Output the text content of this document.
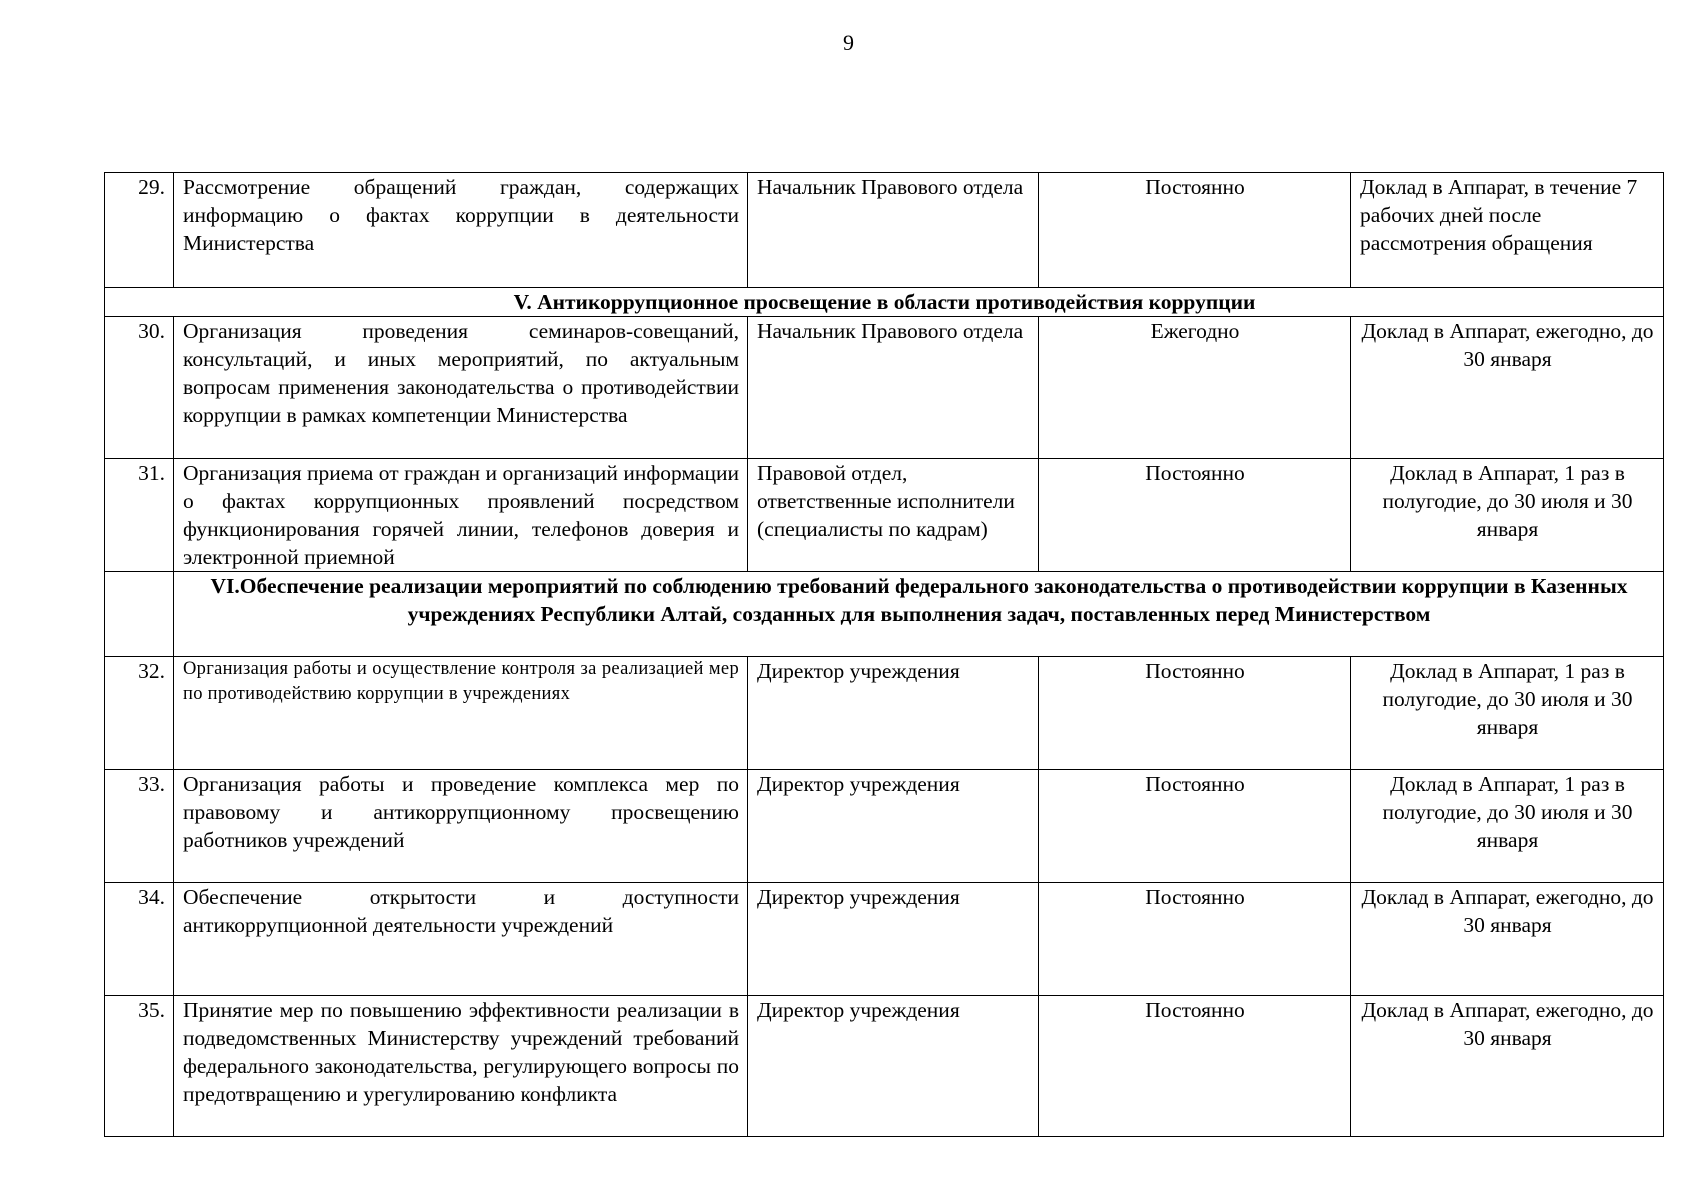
9
29.	Рассмотрение обращений граждан, содержащих информацию о фактах коррупции в деятельности Министерства	Начальник Правового отдела	Постоянно	Доклад в Аппарат, в течение 7 рабочих дней после рассмотрения обращения
V. Антикоррупционное просвещение в области противодействия коррупции				
30.	Организация проведения семинаров-совещаний, консультаций, и иных мероприятий, по актуальным вопросам применения законодательства о противодействии коррупции в рамках компетенции Министерства	Начальник Правового отдела	Ежегодно	Доклад в Аппарат, ежегодно, до 30 января
31.	Организация приема от граждан и организаций информации о фактах коррупционных проявлений посредством функционирования горячей линии, телефонов доверия и электронной приемной	Правовой отдел, ответственные исполнители (специалисты по кадрам)	Постоянно	Доклад в Аппарат, 1 раз в полугодие, до 30 июля и 30 января
	VI.Обеспечение реализации мероприятий по соблюдению требований федерального законодательства о противодействии коррупции в Казенных учреждениях Республики Алтай, созданных для выполнения задач, поставленных перед Министерством			
32.	Организация работы и осуществление контроля за реализацией мер по противодействию коррупции в учреждениях	Директор учреждения	Постоянно	Доклад в Аппарат, 1 раз в полугодие, до 30 июля и 30 января
33.	Организация работы и проведение комплекса мер по правовому и антикоррупционному просвещению работников учреждений	Директор учреждения	Постоянно	Доклад в Аппарат, 1 раз в полугодие, до 30 июля и 30 января
34.	Обеспечение открытости и доступности антикоррупционной деятельности учреждений	Директор учреждения	Постоянно	Доклад в Аппарат, ежегодно, до 30 января
35.	Принятие мер по повышению эффективности реализации в подведомственных Министерству учреждений требований федерального законодательства, регулирующего вопросы по предотвращению и урегулированию конфликта	Директор учреждения	Постоянно	Доклад в Аппарат, ежегодно, до 30 января
